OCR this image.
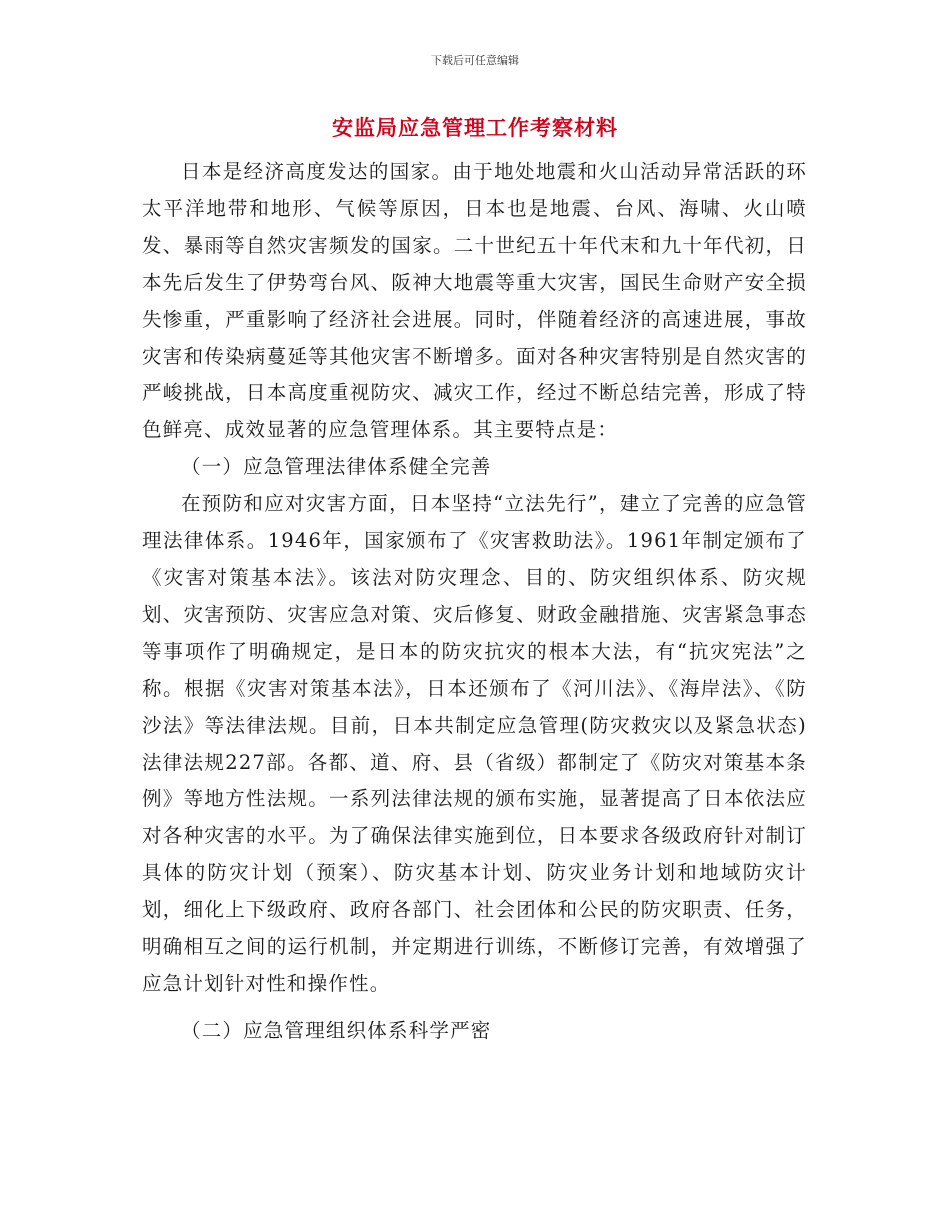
下载后可任意编辑
安监局应急管理工作考察材料

日本是经济高度发达的国家。由于地处地震和火山活动异常活跃的环太平洋地带和地形、气候等原因，日本也是地震、台风、海啸、火山喷发、暴雨等自然灾害频发的国家。二十世纪五十年代末和九十年代初，日本先后发生了伊势弯台风、阪神大地震等重大灾害，国民生命财产安全损失惨重，严重影响了经济社会进展。同时，伴随着经济的高速进展，事故灾害和传染病蔓延等其他灾害不断增多。面对各种灾害特别是自然灾害的严峻挑战，日本高度重视防灾、减灾工作，经过不断总结完善，形成了特色鲜亮、成效显著的应急管理体系。其主要特点是：

（一）应急管理法律体系健全完善

在预防和应对灾害方面，日本坚持“立法先行”，建立了完善的应急管理法律体系。1946年，国家颁布了《灾害救助法》。1961年制定颁布了《灾害对策基本法》。该法对防灾理念、目的、防灾组织体系、防灾规划、灾害预防、灾害应急对策、灾后修复、财政金融措施、灾害紧急事态等事项作了明确规定，是日本的防灾抗灾的根本大法，有“抗灾宪法”之称。根据《灾害对策基本法》，日本还颁布了《河川法》、《海岸法》、《防沙法》等法律法规。目前，日本共制定应急管理(防灾救灾以及紧急状态)法律法规227部。各都、道、府、县（省级）都制定了《防灾对策基本条例》等地方性法规。一系列法律法规的颁布实施，显著提高了日本依法应对各种灾害的水平。为了确保法律实施到位，日本要求各级政府针对制订具体的防灾计划（预案）、防灾基本计划、防灾业务计划和地域防灾计划，细化上下级政府、政府各部门、社会团体和公民的防灾职责、任务，明确相互之间的运行机制，并定期进行训练，不断修订完善，有效增强了应急计划针对性和操作性。

（二）应急管理组织体系科学严密
